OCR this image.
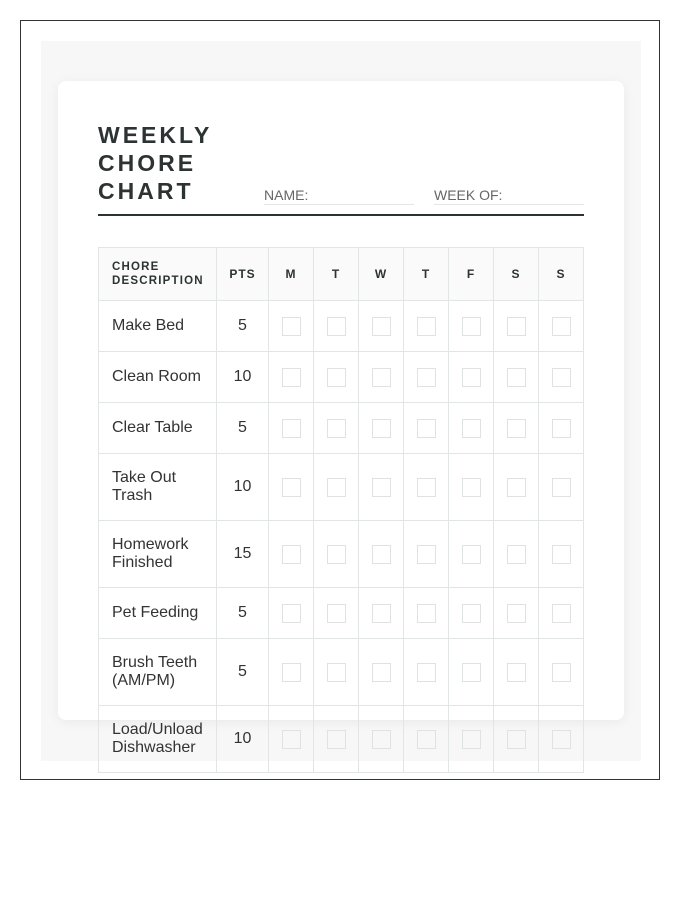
WEEKLY
CHORE
CHART	NAME:	WEEK OF:
CHORE DESCRIPTION	PTS	M	T	W	T	F	S	S
Make Bed	5							
Clean Room	10							
Clear Table	5							
Take Out Trash	10							
Homework Finished	15							
Pet Feeding	5							
Brush Teeth (AM/PM)	5							
Load/Unload Dishwasher	10							
